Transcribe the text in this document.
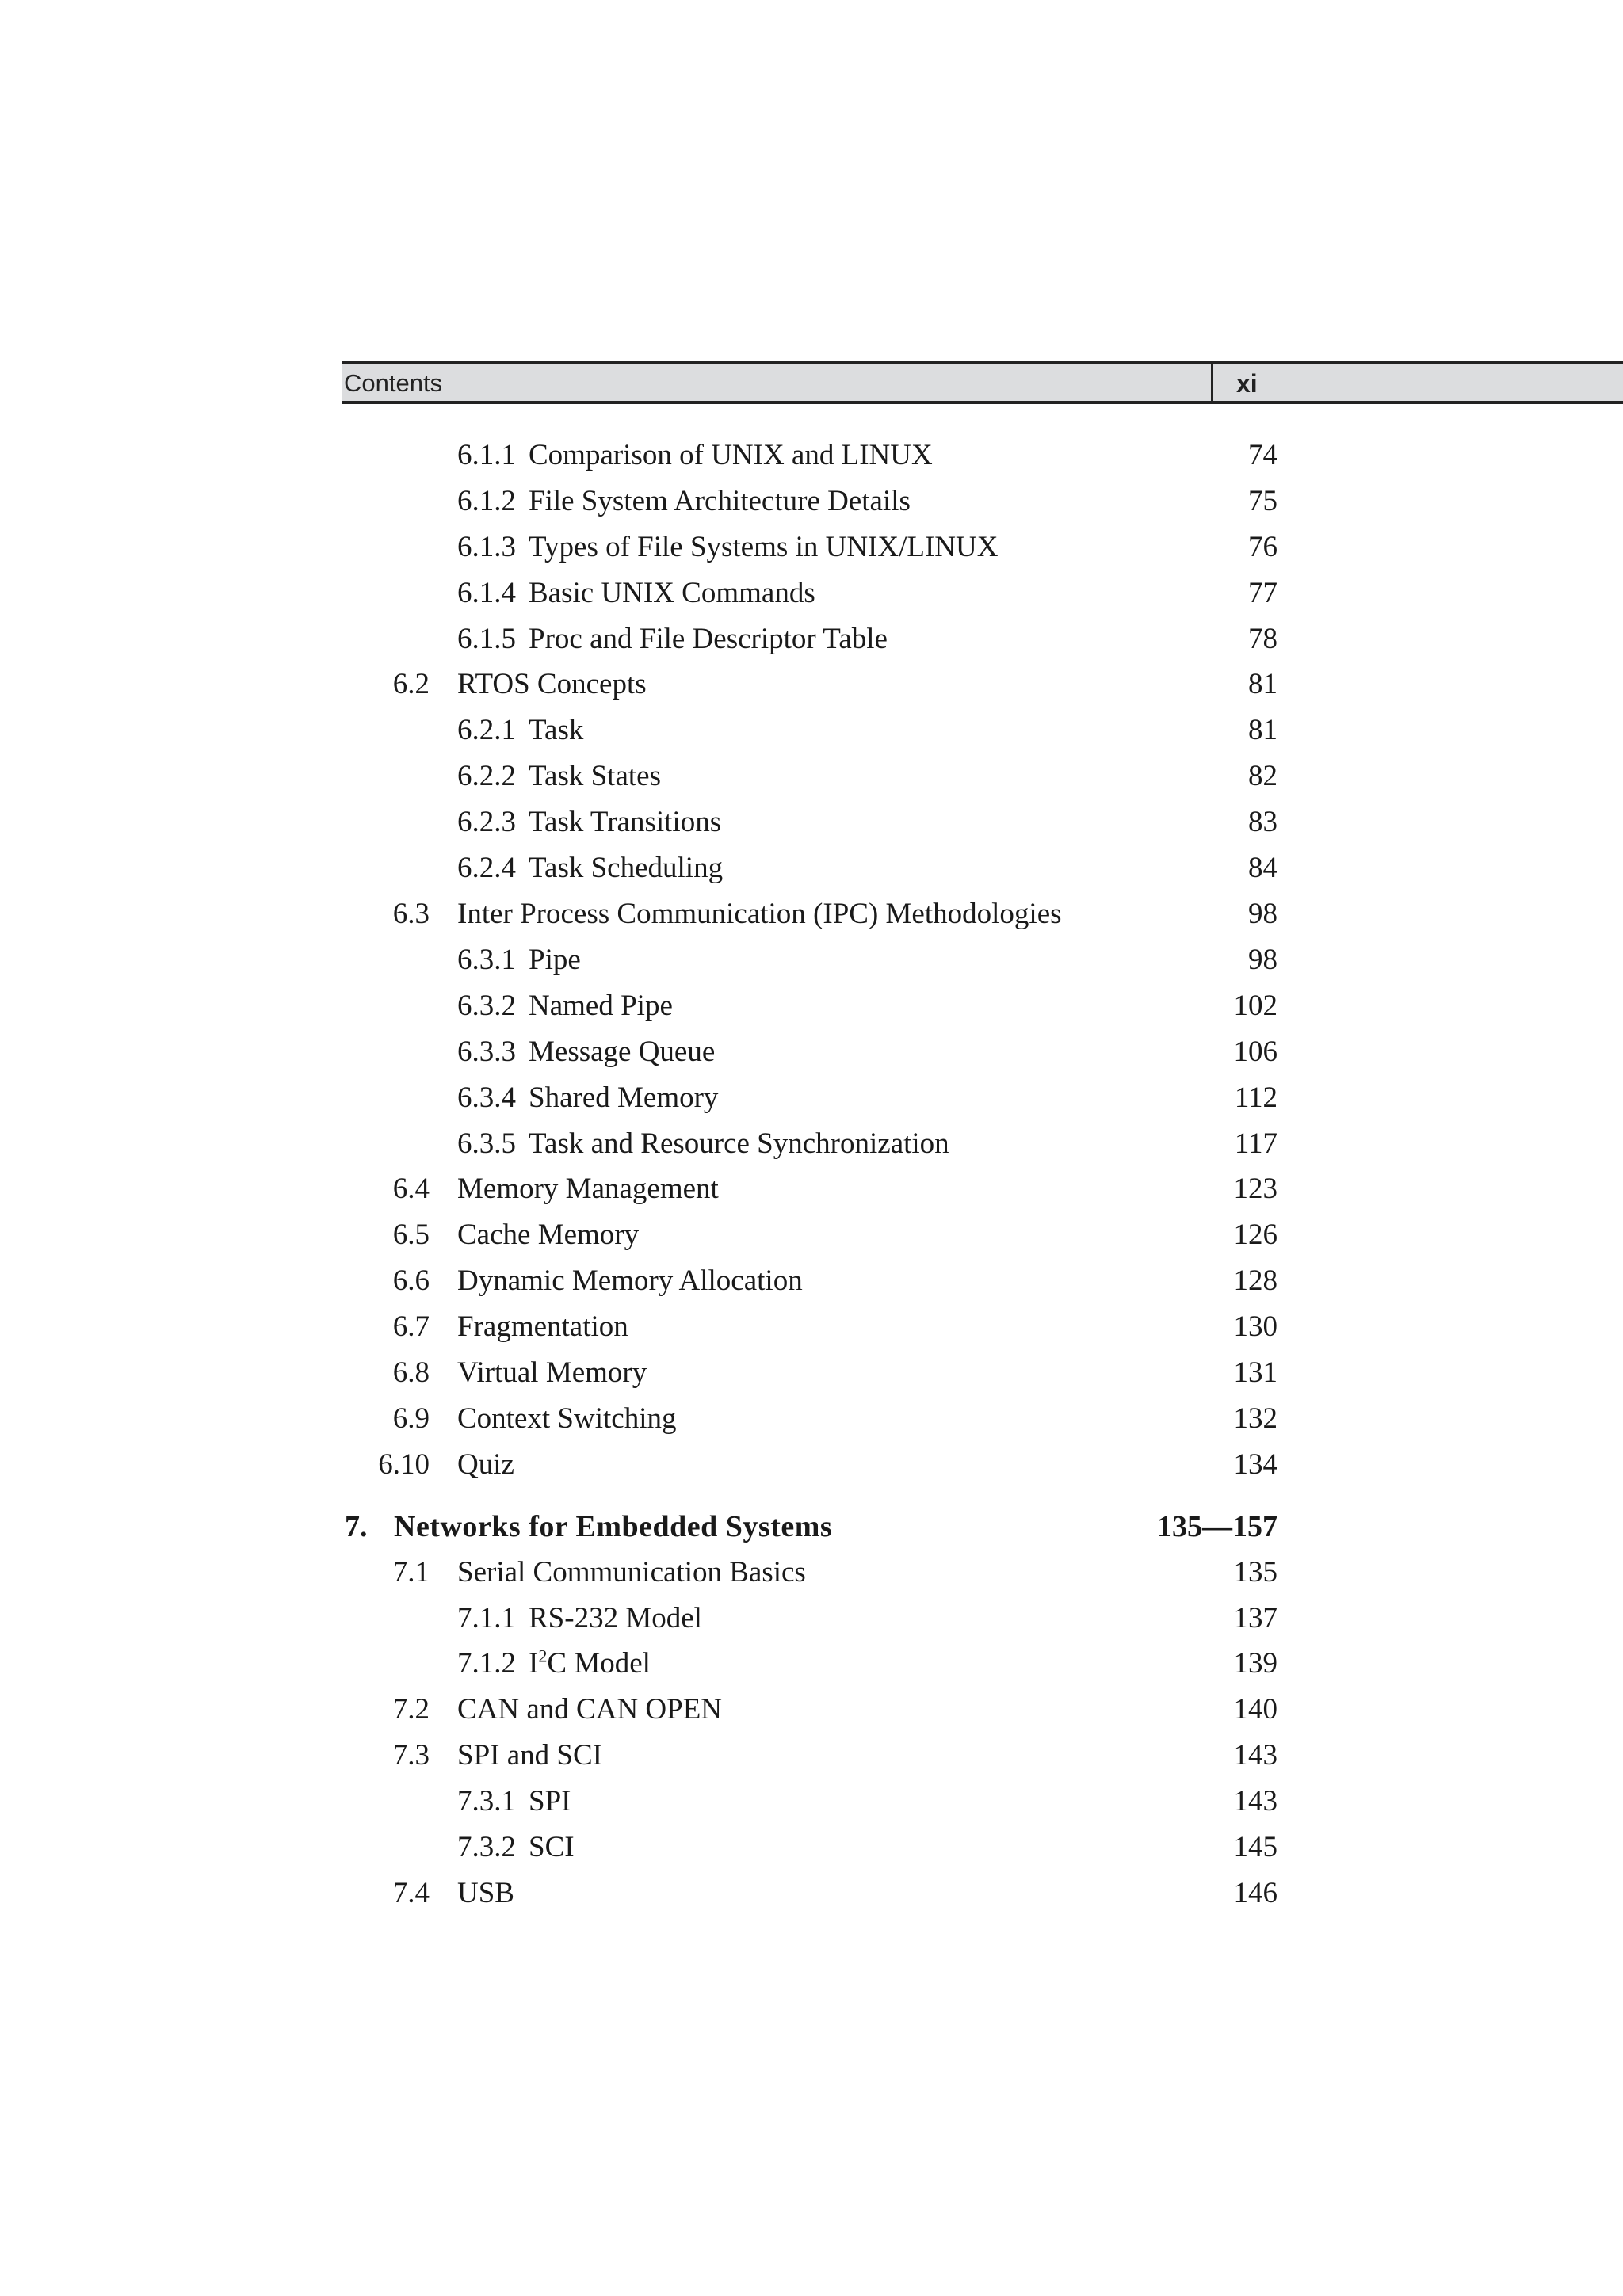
Contents	xi
6.1.1 Comparison of UNIX and LINUX	74
6.1.2 File System Architecture Details	75
6.1.3 Types of File Systems in UNIX/LINUX	76
6.1.4 Basic UNIX Commands	77
6.1.5 Proc and File Descriptor Table	78
6.2 RTOS Concepts	81
6.2.1 Task	81
6.2.2 Task States	82
6.2.3 Task Transitions	83
6.2.4 Task Scheduling	84
6.3 Inter Process Communication (IPC) Methodologies	98
6.3.1 Pipe	98
6.3.2 Named Pipe	102
6.3.3 Message Queue	106
6.3.4 Shared Memory	112
6.3.5 Task and Resource Synchronization	117
6.4 Memory Management	123
6.5 Cache Memory	126
6.6 Dynamic Memory Allocation	128
6.7 Fragmentation	130
6.8 Virtual Memory	131
6.9 Context Switching	132
6.10 Quiz	134
7. Networks for Embedded Systems	135—157
7.1 Serial Communication Basics	135
7.1.1 RS-232 Model	137
7.1.2 $I^2C$ Model	139
7.2 CAN and CAN OPEN	140
7.3 SPI and SCI	143
7.3.1 SPI	143
7.3.2 SCI	145
7.4 USB	146
